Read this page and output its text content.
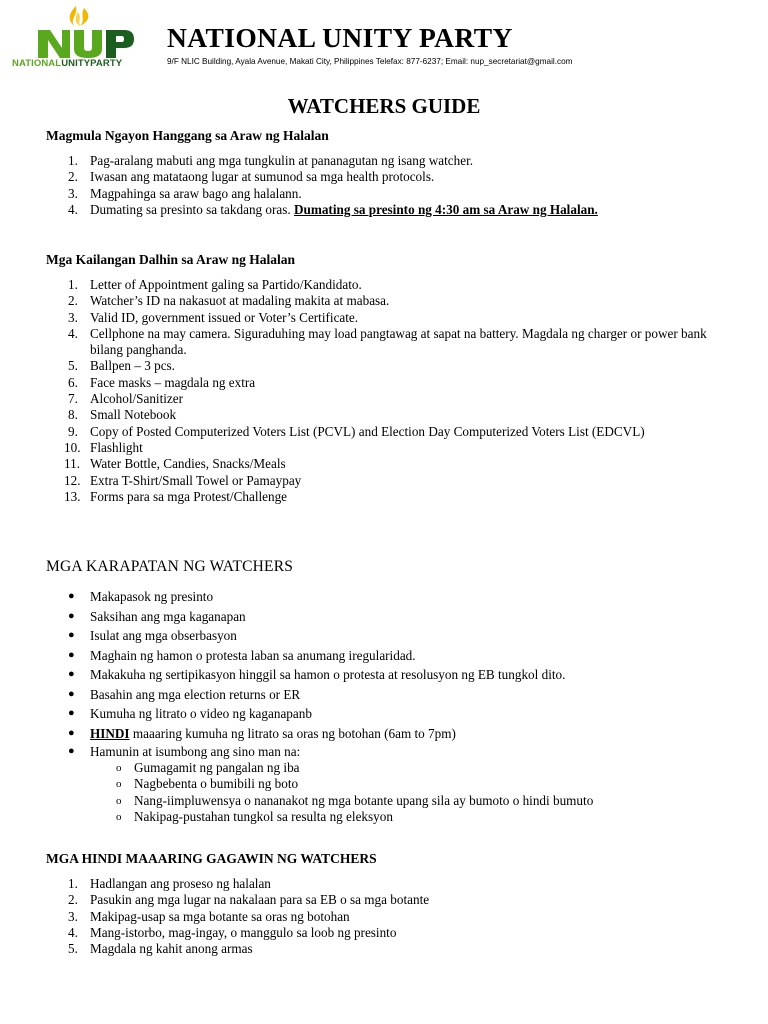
NATIONALUNITYPARTY
NATIONAL UNITY PARTY
9/F NLIC Building, Ayala Avenue, Makati City, Philippines Telefax: 877-6237; Email: nup_secretariat@gmail.com
WATCHERS GUIDE
Magmula Ngayon Hanggang sa Araw ng Halalan
1. Pag-aralang mabuti ang mga tungkulin at pananagutan ng isang watcher.
2. Iwasan ang matataong lugar at sumunod sa mga health protocols.
3. Magpahinga sa araw bago ang halalann.
4. Dumating sa presinto sa takdang oras. Dumating sa presinto ng 4:30 am sa Araw ng Halalan.
Mga Kailangan Dalhin sa Araw ng Halalan
1. Letter of Appointment galing sa Partido/Kandidato.
2. Watcher’s ID na nakasuot at madaling makita at mabasa.
3. Valid ID, government issued or Voter’s Certificate.
4. Cellphone na may camera. Siguraduhing may load pangtawag at sapat na battery. Magdala ng charger or power bank bilang panghanda.
5. Ballpen – 3 pcs.
6. Face masks – magdala ng extra
7. Alcohol/Sanitizer
8. Small Notebook
9. Copy of Posted Computerized Voters List (PCVL) and Election Day Computerized Voters List (EDCVL)
10. Flashlight
11. Water Bottle, Candies, Snacks/Meals
12. Extra T-Shirt/Small Towel or Pamaypay
13. Forms para sa mga Protest/Challenge
MGA KARAPATAN NG WATCHERS
● Makapasok ng presinto
● Saksihan ang mga kaganapan
● Isulat ang mga obserbasyon
● Maghain ng hamon o protesta laban sa anumang iregularidad.
● Makakuha ng sertipikasyon hinggil sa hamon o protesta at resolusyon ng EB tungkol dito.
● Basahin ang mga election returns or ER
● Kumuha ng litrato o video ng kaganapanb
● HINDI maaaring kumuha ng litrato sa oras ng botohan (6am to 7pm)
● Hamunin at isumbong ang sino man na:
o Gumagamit ng pangalan ng iba
o Nagbebenta o bumibili ng boto
o Nang-iimpluwensya o nananakot ng mga botante upang sila ay bumoto o hindi bumuto
o Nakipag-pustahan tungkol sa resulta ng eleksyon
MGA HINDI MAAARING GAGAWIN NG WATCHERS
1. Hadlangan ang proseso ng halalan
2. Pasukin ang mga lugar na nakalaan para sa EB o sa mga botante
3. Makipag-usap sa mga botante sa oras ng botohan
4. Mang-istorbo, mag-ingay, o manggulo sa loob ng presinto
5. Magdala ng kahit anong armas
